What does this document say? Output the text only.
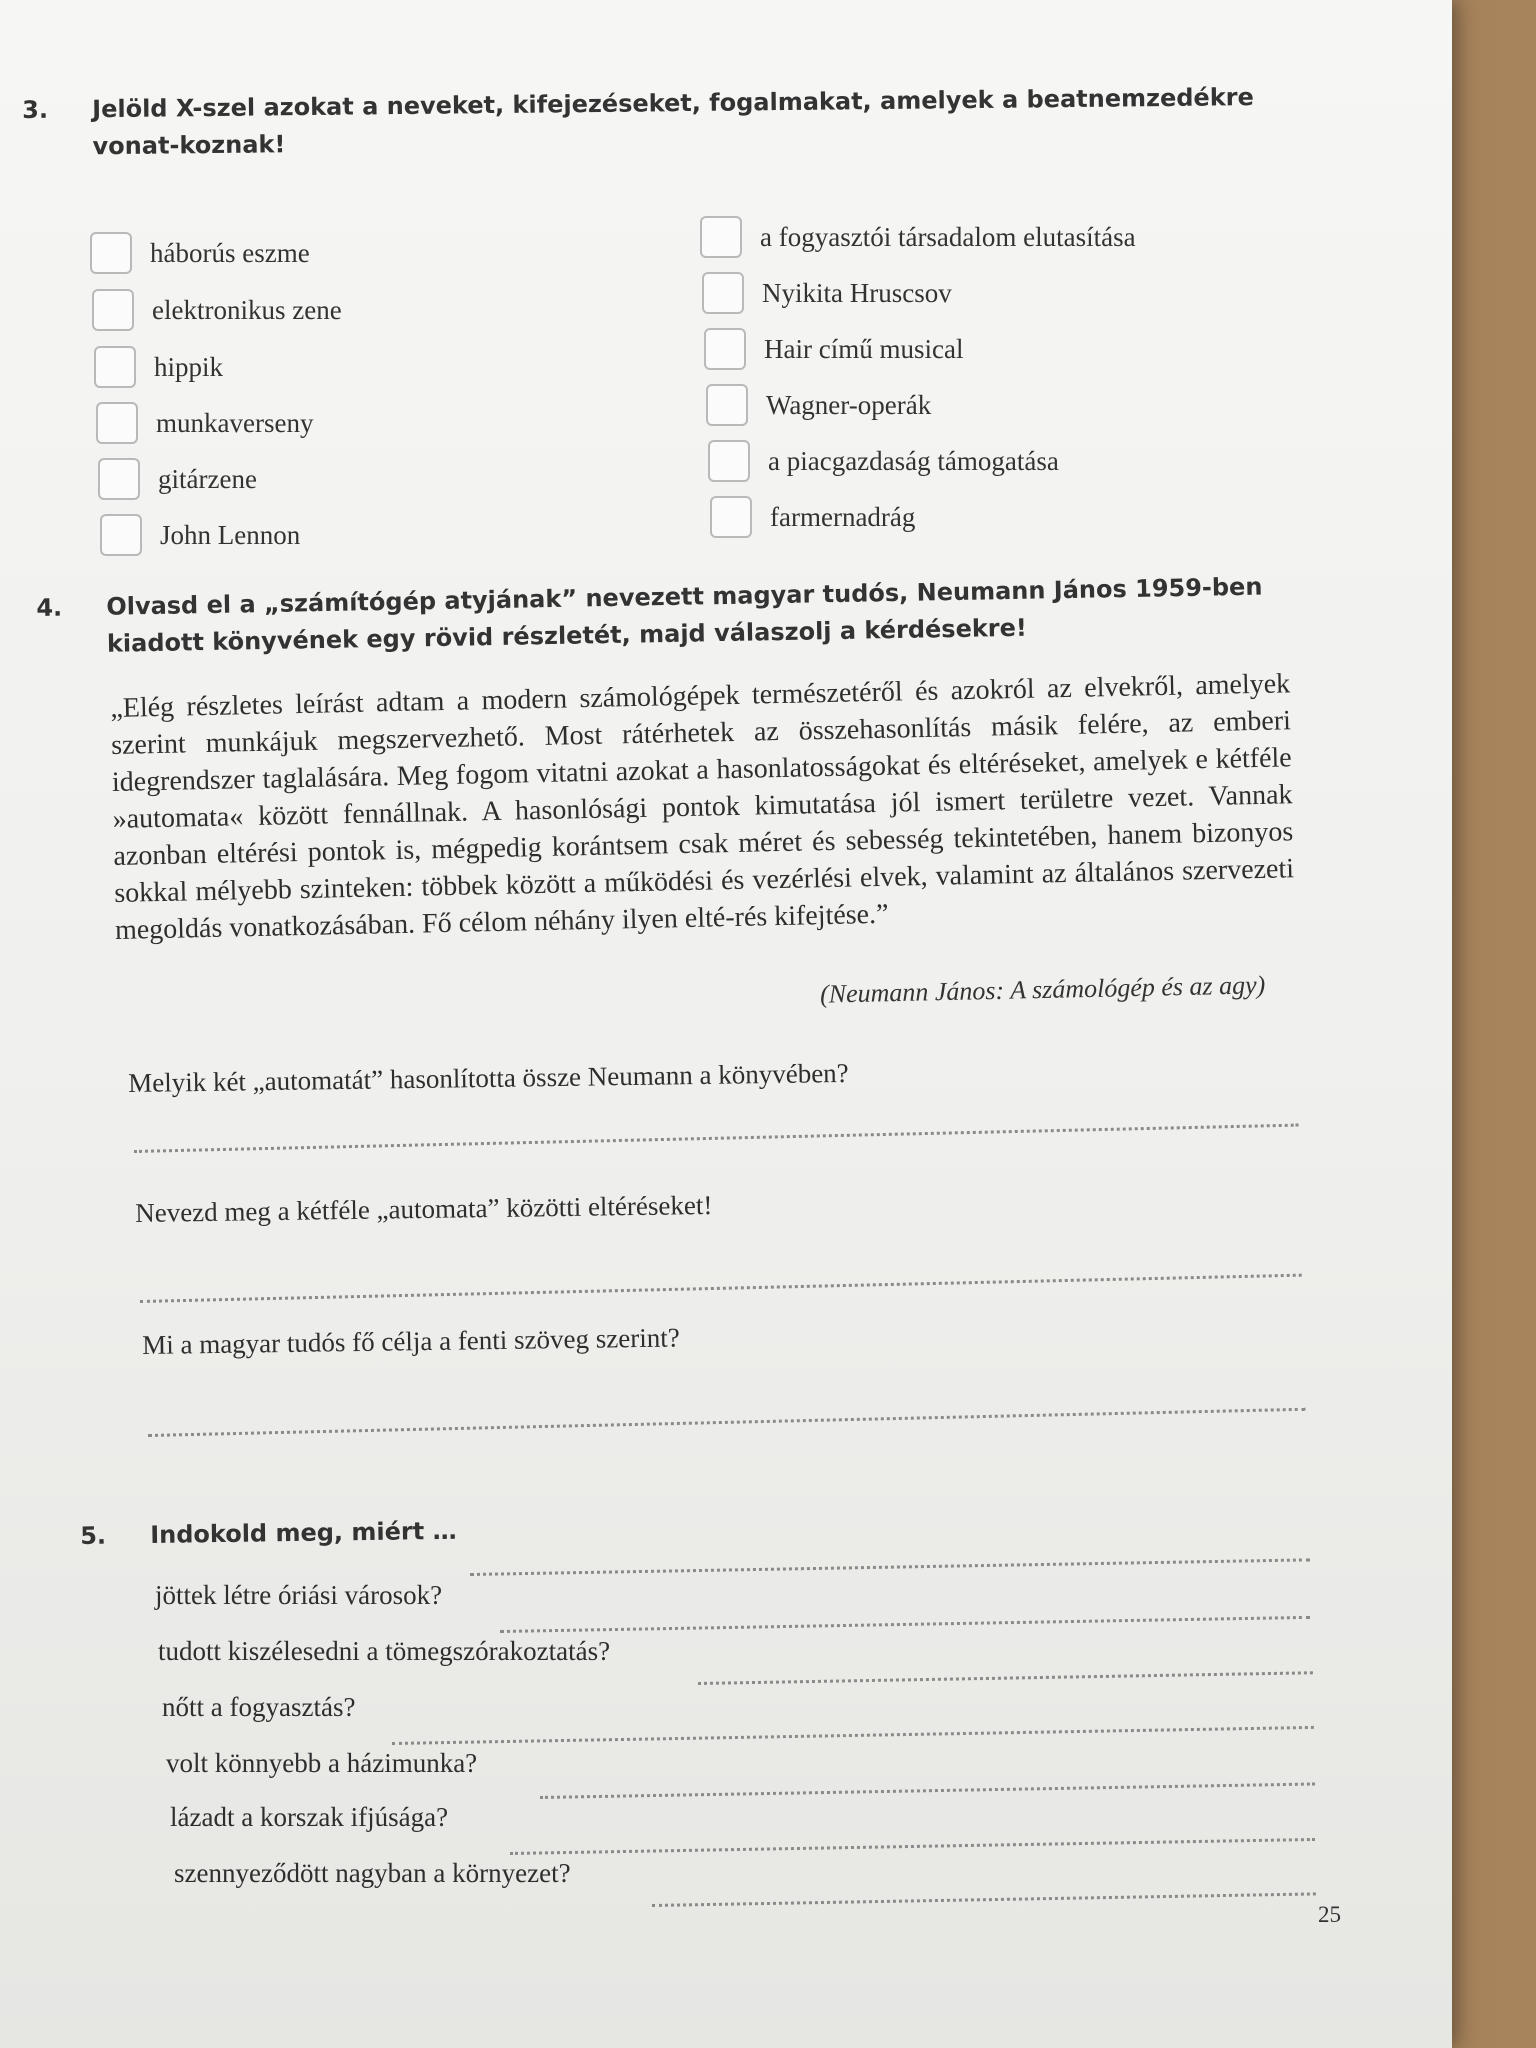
3.	Jelöld X-szel azokat a neveket, kifejezéseket, fogalmakat, amelyek a beatnemzedékre vonat-koznak!
háborús eszme
elektronikus zene
hippik
munkaverseny
gitárzene
John Lennon
a fogyasztói társadalom elutasítása
Nyikita Hruscsov
Hair című musical
Wagner-operák
a piacgazdaság támogatása
farmernadrág
4.	Olvasd el a „számítógép atyjának” nevezett magyar tudós, Neumann János 1959-ben kiadott könyvének egy rövid részletét, majd válaszolj a kérdésekre!
„Elég részletes leírást adtam a modern számológépek természetéről és azokról az elvekről, amelyek szerint munkájuk megszervezhető. Most rátérhetek az összehasonlítás másik felére, az emberi idegrendszer taglalására. Meg fogom vitatni azokat a hasonlatosságokat és eltéréseket, amelyek e kétféle »automata« között fennállnak. A hasonlósági pontok kimutatása jól ismert területre vezet. Vannak azonban eltérési pontok is, mégpedig korántsem csak méret és sebesség tekintetében, hanem bizonyos sokkal mélyebb szinteken: többek között a működési és vezérlési elvek, valamint az általános szervezeti megoldás vonatkozásában. Fő célom néhány ilyen elté-rés kifejtése.”
(Neumann János: A számológép és az agy)
Melyik két „automatát” hasonlította össze Neumann a könyvében?
Nevezd meg a kétféle „automata” közötti eltéréseket!
Mi a magyar tudós fő célja a fenti szöveg szerint?
5.	Indokold meg, miért …
jöttek létre óriási városok?
tudott kiszélesedni a tömegszórakoztatás?
nőtt a fogyasztás?
volt könnyebb a házimunka?
lázadt a korszak ifjúsága?
szennyeződött nagyban a környezet?
25
